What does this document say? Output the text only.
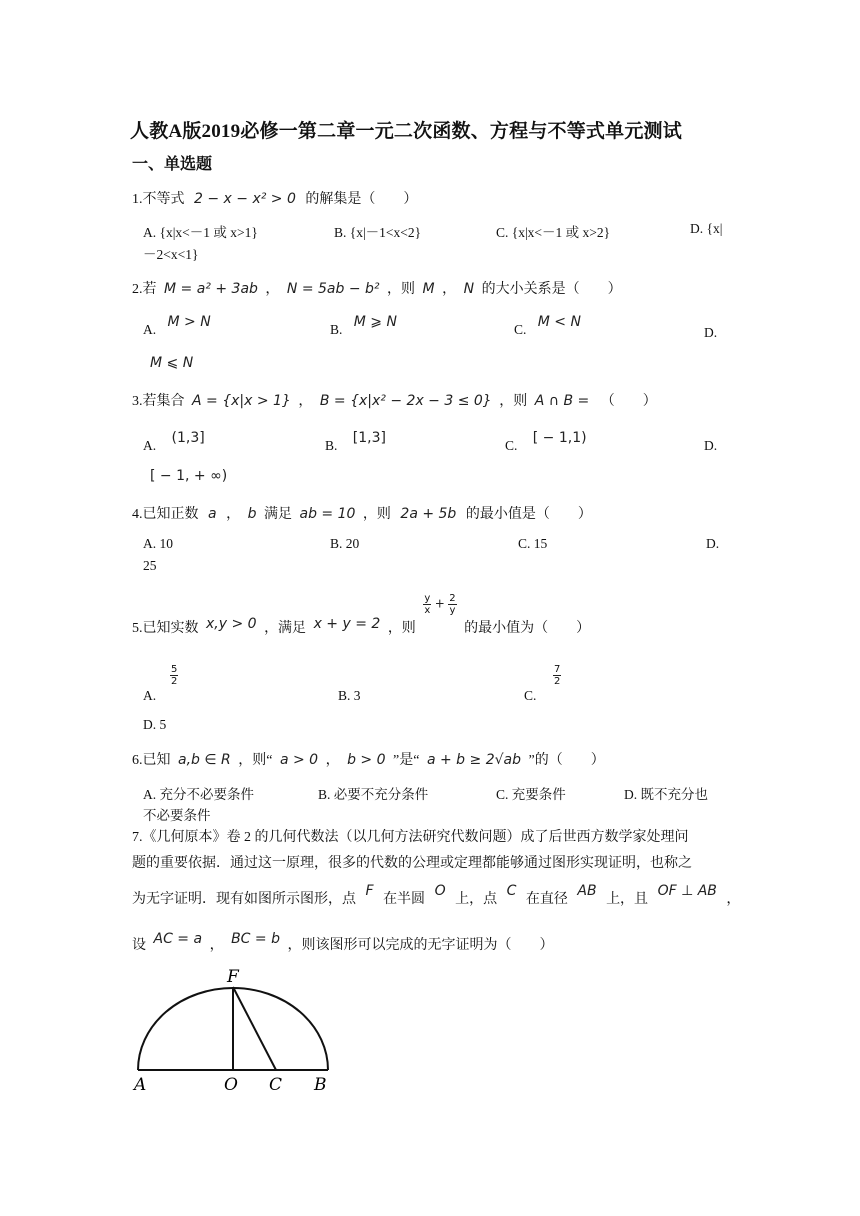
人教A版2019必修一第二章一元二次函数、方程与不等式单元测试
一、单选题
1.不等式 2 − x − x² > 0 的解集是（　　）
A. {x|x<－1 或 x>1}	B. {x|－1<x<2}	C. {x|x<－1 或 x>2}	D. {x|
－2<x<1}
2.若 M = a² + 3ab ， N = 5ab − b² ，则 M ， N 的大小关系是（　　）
A. M > N	B. M ⩾ N	C. M < N
D.
M ⩽ N
3.若集合 A = {x|x > 1} ， B = {x|x² − 2x − 3 ≤ 0} ，则 A ∩ B = （　　）
A. (1,3]	B. [1,3]	C. [ − 1,1)	D.
[ − 1, + ∞)
4.已知正数 a ， b 满足 ab = 10 ，则 2a + 5b 的最小值是（　　）
A. 10	B. 20	C. 15	D.
25
5.已知实数 x,y > 0 ，满足 x + y = 2 ，则
$\frac{y}{x} + \frac{2}{y}$
的最小值为（　　）
A.
$\frac{5}{2}$
B. 3	C.
$\frac{7}{2}$
D. 5
6.已知 a,b ∈ R ，则“ a > 0 ， b > 0 ”是“ a + b ≥ 2√ab ”的（　　）
A. 充分不必要条件	B. 必要不充分条件	C. 充要条件	D. 既不充分也
不必要条件
7.《几何原本》卷 2 的几何代数法（以几何方法研究代数问题）成了后世西方数学家处理问
题的重要依据．通过这一原理，很多的代数的公理或定理都能够通过图形实现证明，也称之
为无字证明．现有如图所示图形，点 F 在半圆 O 上，点 C 在直径 AB 上，且 OF ⊥ AB ，
设 AC = a ， BC = b ，则该图形可以完成的无字证明为（　　）
F
A	O C B
